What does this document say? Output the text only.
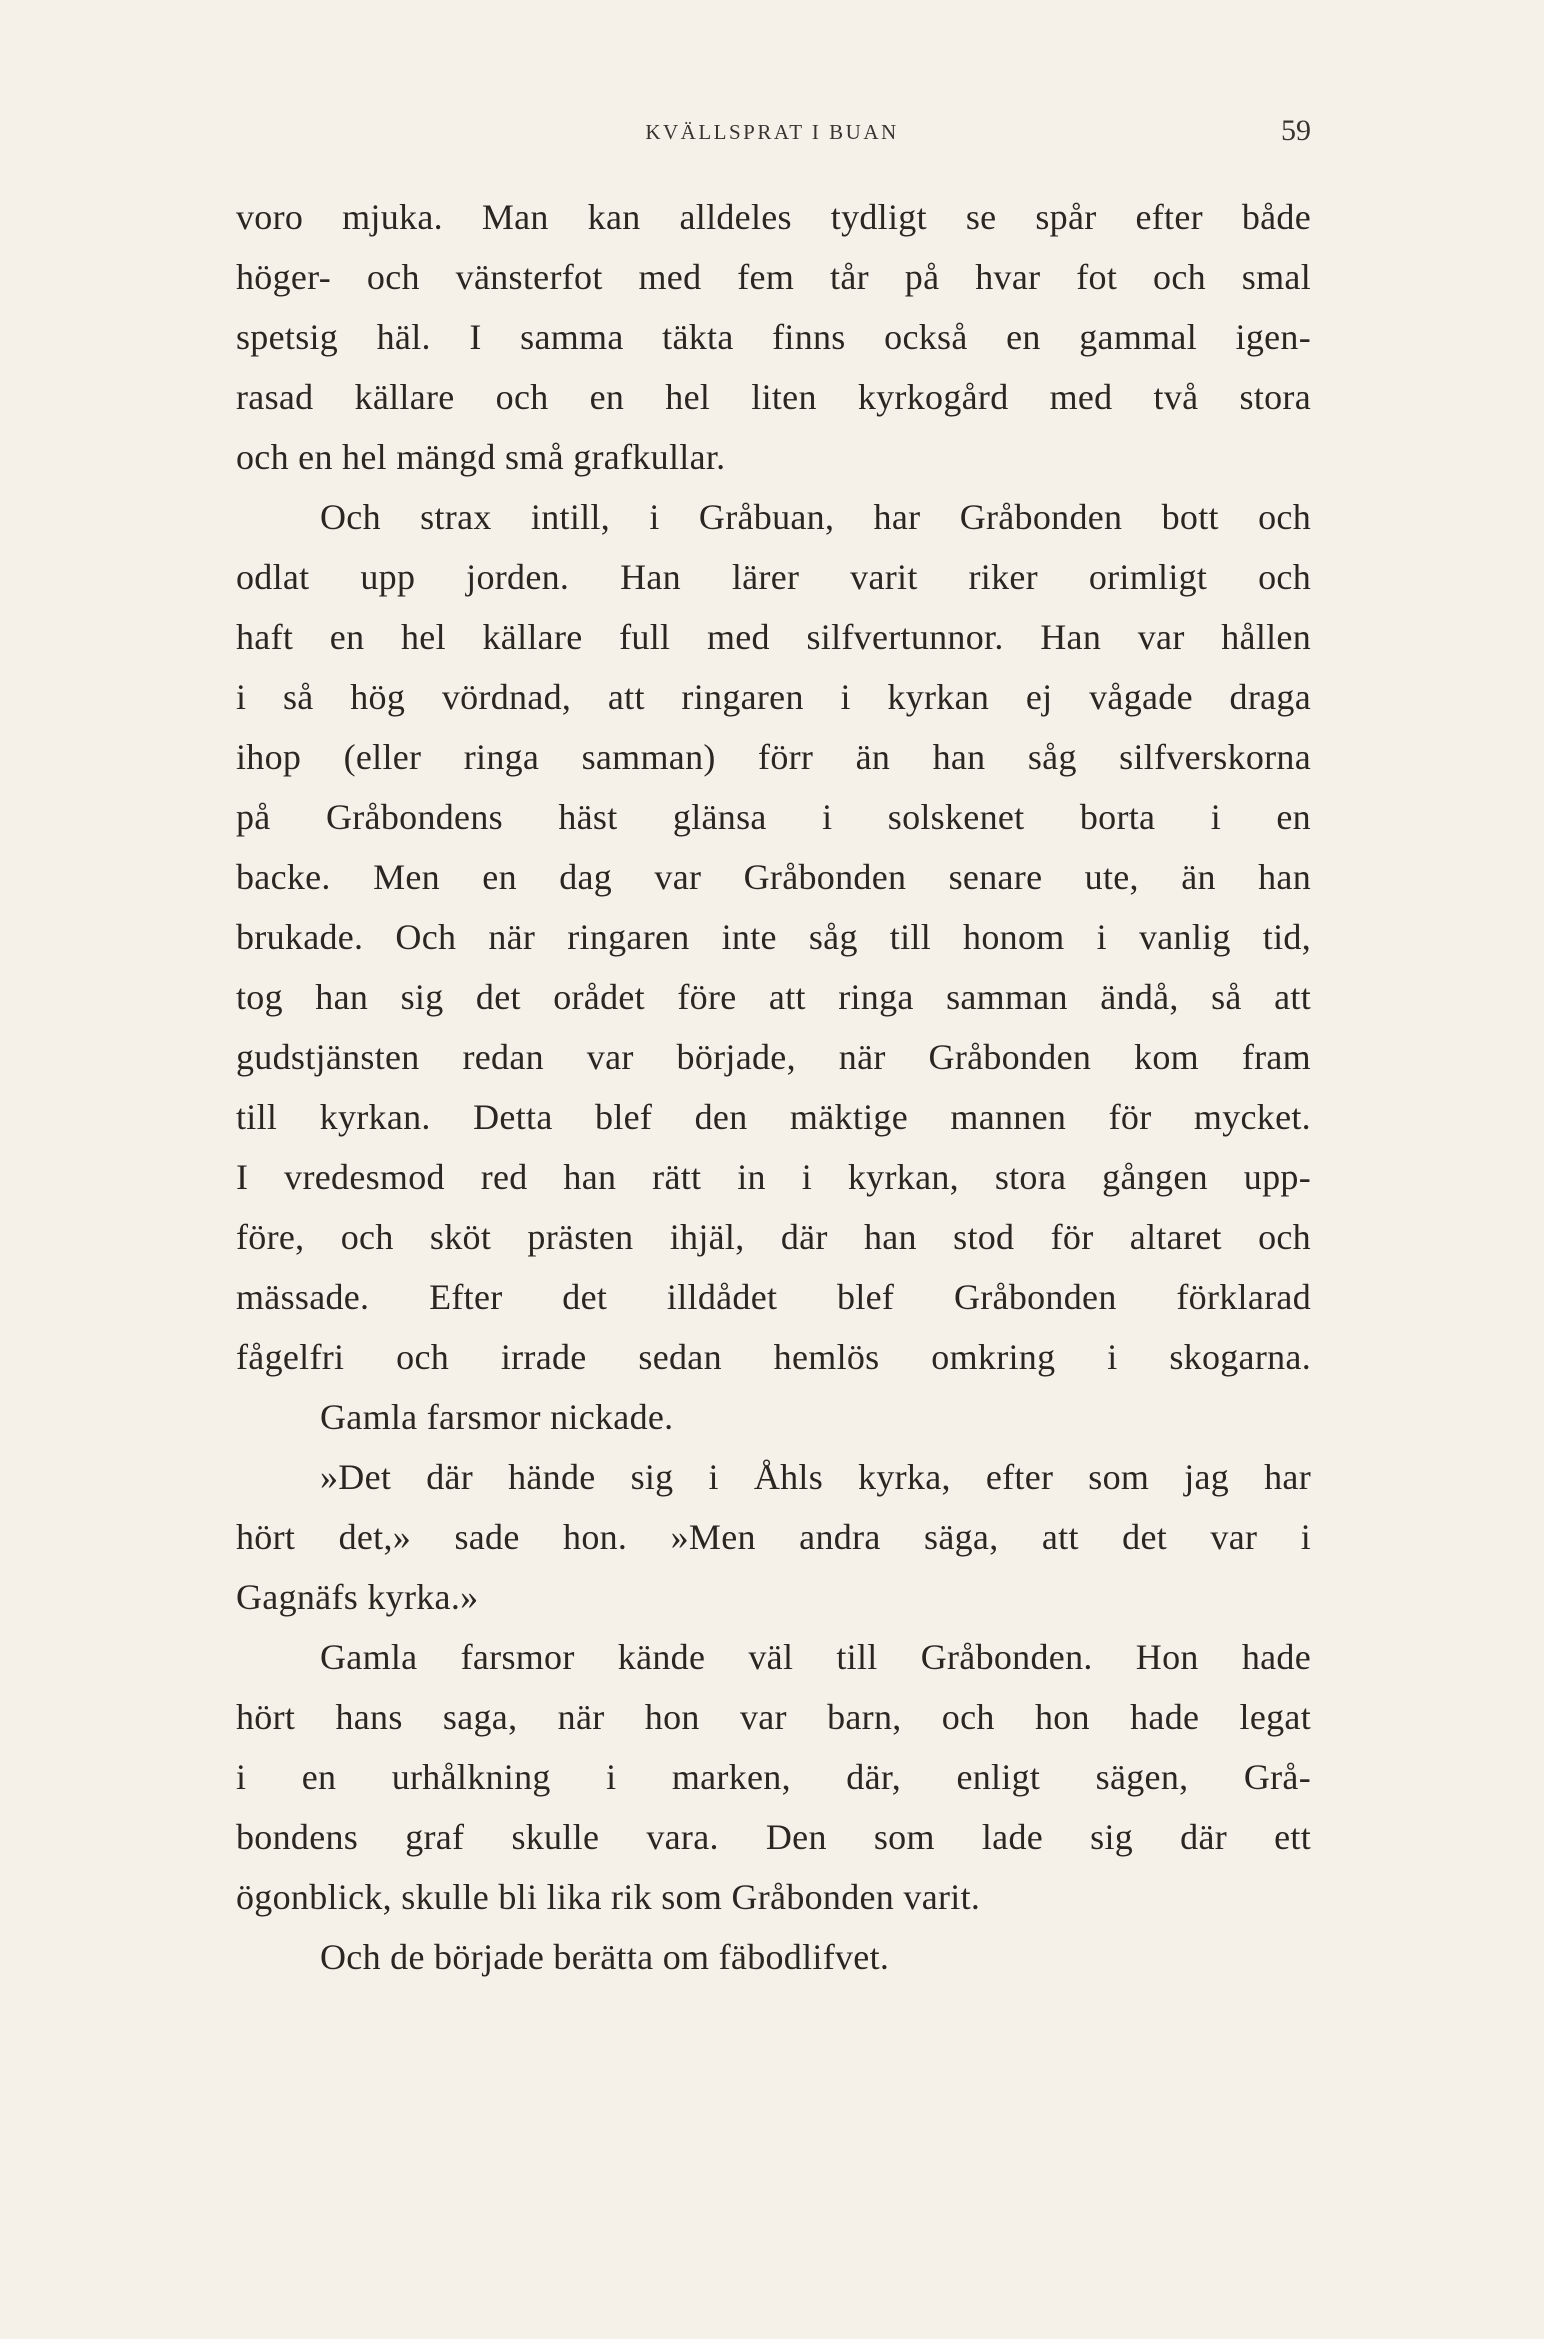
KVÄLLSPRAT I BUAN	59
voro mjuka. Man kan alldeles tydligt se spår efter både
höger- och vänsterfot med fem tår på hvar fot och smal
spetsig häl. I samma täkta finns också en gammal igen-
rasad källare och en hel liten kyrkogård med två stora
och en hel mängd små grafkullar.
Och strax intill, i Gråbuan, har Gråbonden bott och
odlat upp jorden. Han lärer varit riker orimligt och
haft en hel källare full med silfvertunnor. Han var hållen
i så hög vördnad, att ringaren i kyrkan ej vågade draga
ihop (eller ringa samman) förr än han såg silfverskorna
på Gråbondens häst glänsa i solskenet borta i en
backe. Men en dag var Gråbonden senare ute, än han
brukade. Och när ringaren inte såg till honom i vanlig tid,
tog han sig det orådet före att ringa samman ändå, så att
gudstjänsten redan var började, när Gråbonden kom fram
till kyrkan. Detta blef den mäktige mannen för mycket.
I vredesmod red han rätt in i kyrkan, stora gången upp-
före, och sköt prästen ihjäl, där han stod för altaret och
mässade. Efter det illdådet blef Gråbonden förklarad
fågelfri och irrade sedan hemlös omkring i skogarna.
Gamla farsmor nickade.
»Det där hände sig i Åhls kyrka, efter som jag har
hört det,» sade hon. »Men andra säga, att det var i
Gagnäfs kyrka.»
Gamla farsmor kände väl till Gråbonden. Hon hade
hört hans saga, när hon var barn, och hon hade legat
i en urhålkning i marken, där, enligt sägen, Grå-
bondens graf skulle vara. Den som lade sig där ett
ögonblick, skulle bli lika rik som Gråbonden varit.
Och de började berätta om fäbodlifvet.
